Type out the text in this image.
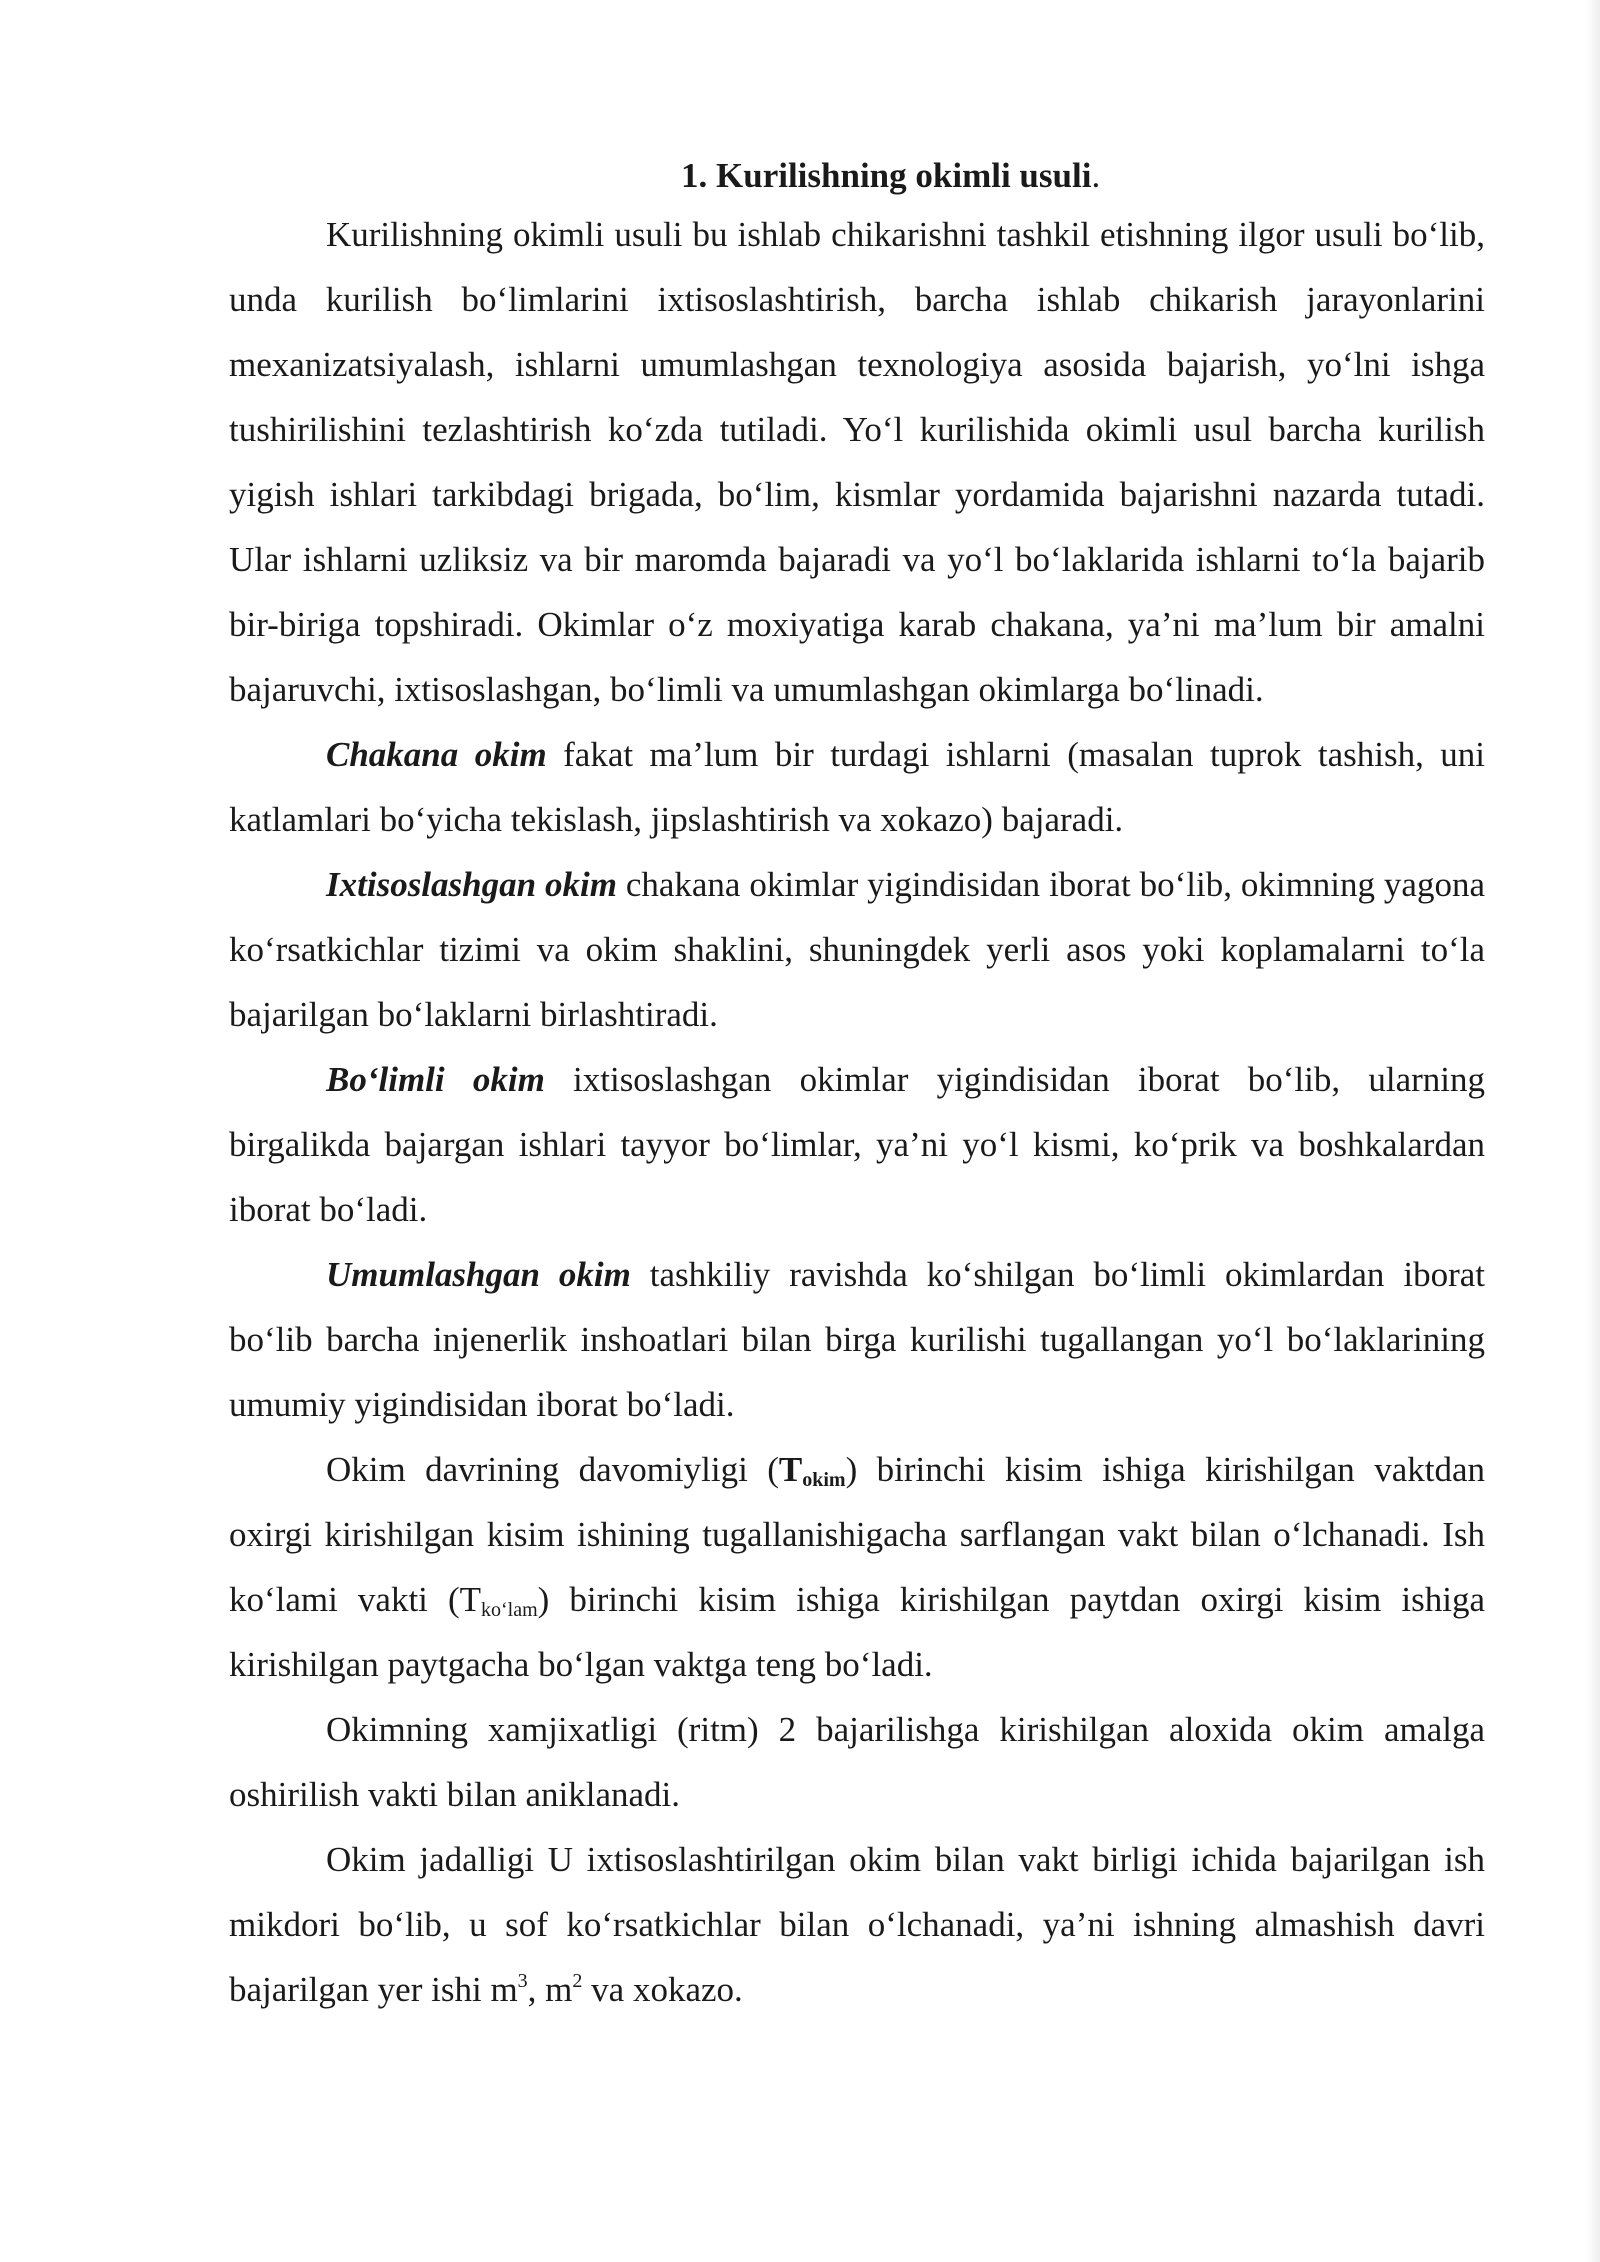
1. Kurilishning okimli usuli.

Kurilishning okimli usuli bu ishlab chikarishni tashkil etishning ilgor usuli bo‘lib, unda kurilish bo‘limlarini ixtisoslashtirish, barcha ishlab chikarish jarayonlarini mexanizatsiyalash, ishlarni umumlashgan texnologiya asosida bajarish, yo‘lni ishga tushirilishini tezlashtirish ko‘zda tutiladi. Yo‘l kurilishida okimli usul barcha kurilish yigish ishlari tarkibdagi brigada, bo‘lim, kismlar yordamida bajarishni nazarda tutadi. Ular ishlarni uzliksiz va bir maromda bajaradi va yo‘l bo‘laklarida ishlarni to‘la bajarib bir-biriga topshiradi. Okimlar o‘z moxiyatiga karab chakana, ya’ni ma’lum bir amalni bajaruvchi, ixtisoslashgan, bo‘limli va umumlashgan okimlarga bo‘linadi.

Chakana okim fakat ma’lum bir turdagi ishlarni (masalan tuprok tashish, uni katlamlari bo‘yicha tekislash, jipslashtirish va xokazo) bajaradi.

Ixtisoslashgan okim chakana okimlar yigindisidan iborat bo‘lib, okimning yagona ko‘rsatkichlar tizimi va okim shaklini, shuningdek yerli asos yoki koplamalarni to‘la bajarilgan bo‘laklarni birlashtiradi.

Bo‘limli okim ixtisoslashgan okimlar yigindisidan iborat bo‘lib, ularning birgalikda bajargan ishlari tayyor bo‘limlar, ya’ni yo‘l kismi, ko‘prik va boshkalardan iborat bo‘ladi.

Umumlashgan okim tashkiliy ravishda ko‘shilgan bo‘limli okimlardan iborat bo‘lib barcha injenerlik inshoatlari bilan birga kurilishi tugallangan yo‘l bo‘laklarining umumiy yigindisidan iborat bo‘ladi.

Okim davrining davomiyligi $(T_{okim})$ birinchi kisim ishiga kirishilgan vaktdan oxirgi kirishilgan kisim ishining tugallanishigacha sarflangan vakt bilan o‘lchanadi. Ish ko‘lami vakti $(T_{ko‘lam})$ birinchi kisim ishiga kirishilgan paytdan oxirgi kisim ishiga kirishilgan paytgacha bo‘lgan vaktga teng bo‘ladi.

Okimning xamjixatligi (ritm) 2 bajarilishga kirishilgan aloxida okim amalga oshirilish vakti bilan aniklanadi.

Okim jadalligi U ixtisoslashtirilgan okim bilan vakt birligi ichida bajarilgan ish mikdori bo‘lib, u sof ko‘rsatkichlar bilan o‘lchanadi, ya’ni ishning almashish davri bajarilgan yer ishi $m^3$, $m^2$ va xokazo.
